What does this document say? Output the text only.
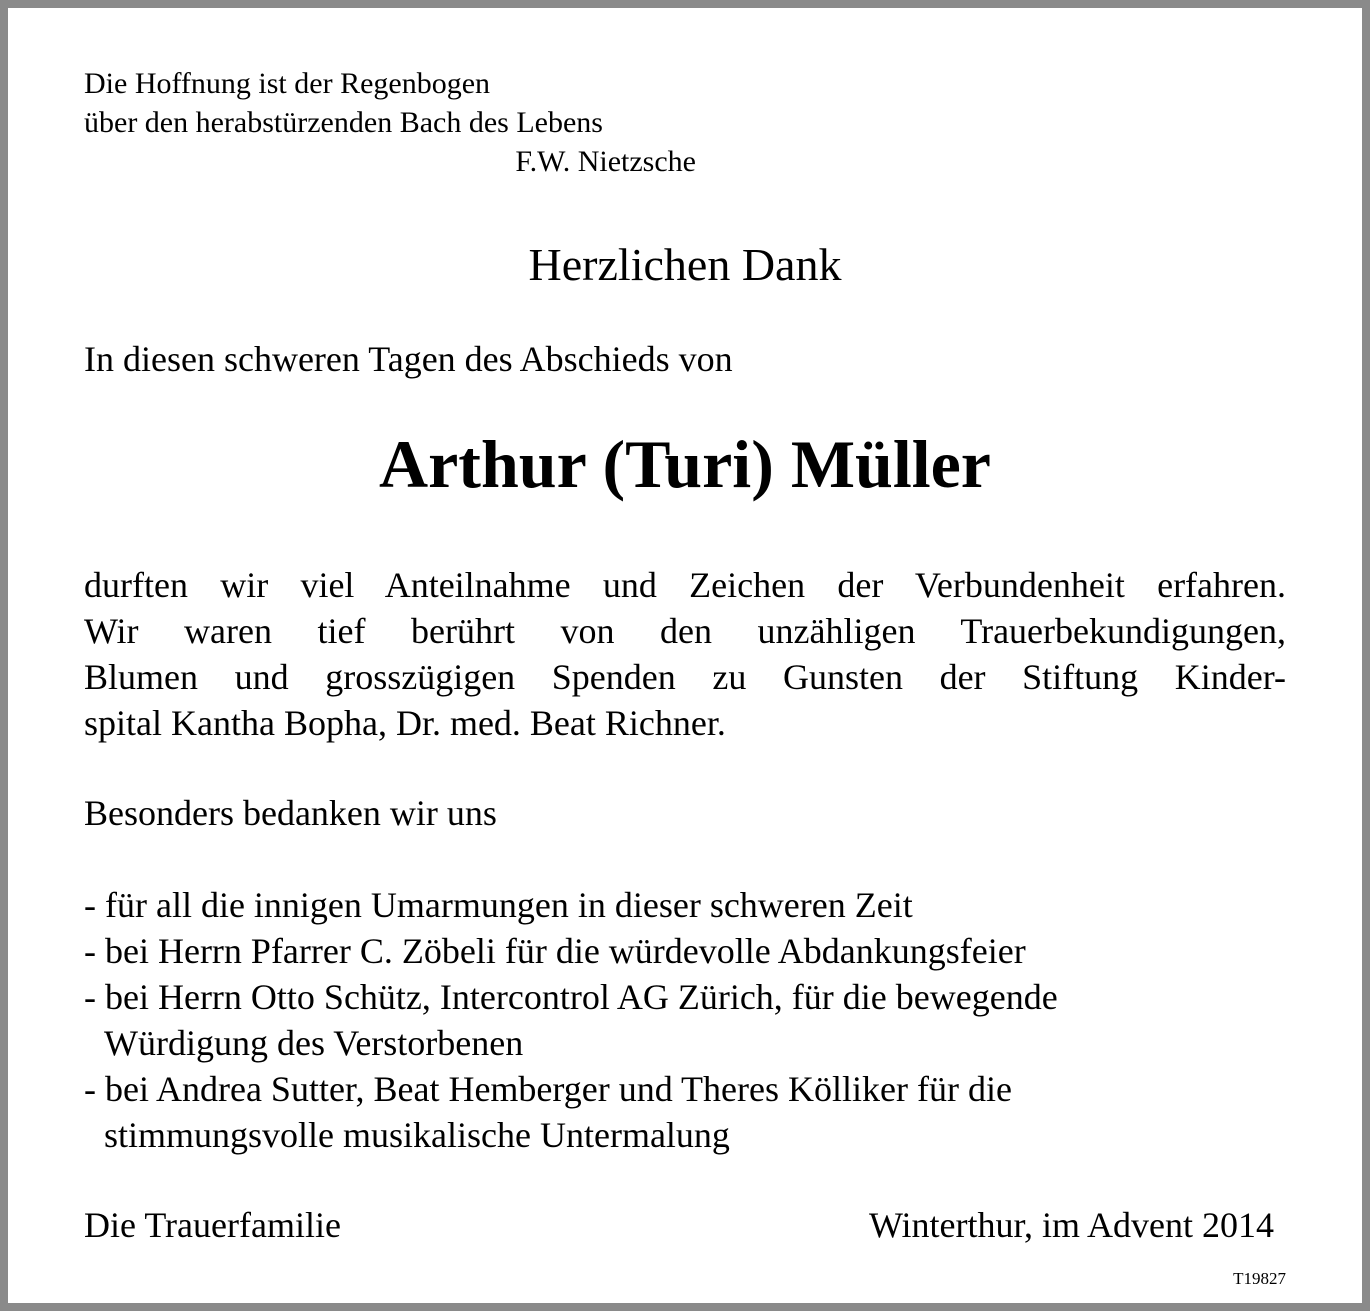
Die Hoffnung ist der Regenbogen
über den herabstürzenden Bach des Lebens
F.W. Nietzsche
Herzlichen Dank
In diesen schweren Tagen des Abschieds von
Arthur (Turi) Müller
durften wir viel Anteilnahme und Zeichen der Verbundenheit erfahren.
Wir waren tief berührt von den unzähligen Trauerbekundigungen,
Blumen und grosszügigen Spenden zu Gunsten der Stiftung Kinder-
spital Kantha Bopha, Dr. med. Beat Richner.
Besonders bedanken wir uns
- für all die innigen Umarmungen in dieser schweren Zeit
- bei Herrn Pfarrer C. Zöbeli für die würdevolle Abdankungsfeier
- bei Herrn Otto Schütz, Intercontrol AG Zürich, für die bewegende
Würdigung des Verstorbenen
- bei Andrea Sutter, Beat Hemberger und Theres Kölliker für die
stimmungsvolle musikalische Untermalung
Die Trauerfamilie	Winterthur, im Advent 2014
T19827
